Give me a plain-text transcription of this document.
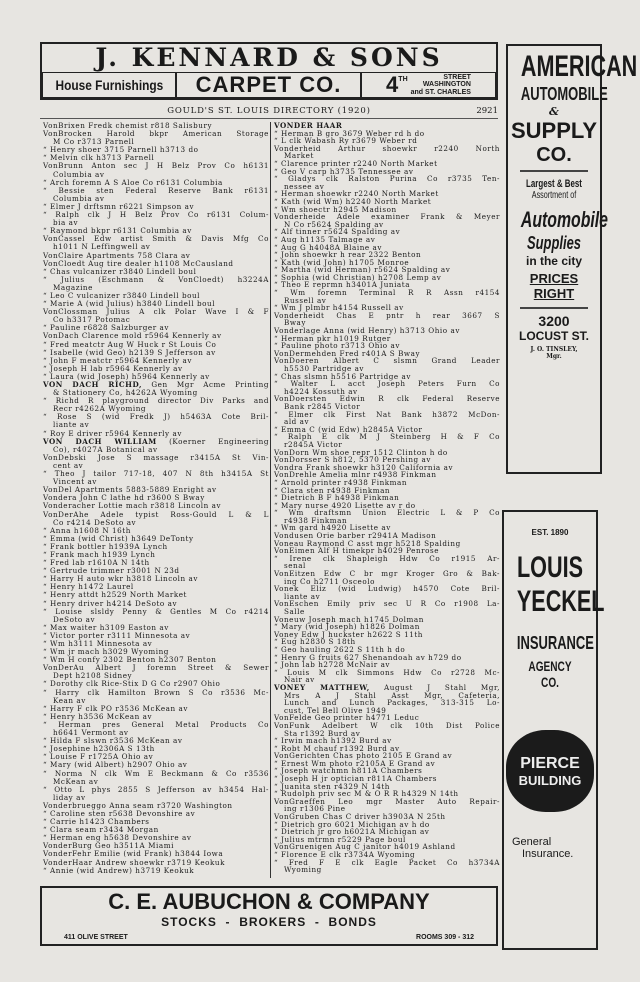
J. KENNARD & SONS
House Furnishings	CARPET CO.	4 TH	STREET
WASHINGTON
and ST. CHARLES
GOULD'S ST. LOUIS DIRECTORY (1920)	2921
VonBrixen Fredk chemist r818 Salisbury
VonBrocken Harold bkpr American Storage
M Co r3713 Parnell
“ Henry shoer 3715 Parnell h3713 do
“ Melvin clk h3713 Parnell
VonBrunn Anton sec J H Belz Prov Co h6131
Columbia av
“ Arch foremn A S Aloe Co r6131 Columbia
“ Bessie sten Federal Reserve Bank r6131
Columbia av
“ Elmer J drftsmn r6221 Simpson av
“ Ralph clk J H Belz Prov Co r6131 Colum-
bia av
“ Raymond bkpr r6131 Columbia av
VonCassel Edw artist Smith & Davis Mfg Co
h1011 N Leffingwell av
VonClaire Apartments 758 Clara av
VonCloedt Aug tire dealer h1108 McCausland
“ Chas vulcanizer r3840 Lindell boul
“ Julius (Eschmann & VonCloedt) h3224A
Magazine
“ Leo C vulcanizer r3840 Lindell boul
“ Marie A (wid Julius) h3840 Lindell boul
VonClossman Julius A clk Polar Wave I & F
Co h3317 Potomac
“ Pauline r6828 Salzburger av
VonDach Clarence mold r5964 Kennerly av
“ Fred meatctr Aug W Huck r St Louis Co
“ Isabelle (wid Geo) h2139 S Jefferson av
“ John F meatctr r5964 Kennerly av
“ Joseph H lab r5964 Kennerly av
“ Laura (wid Joseph) h5964 Kennerly av
VON DACH RICHD, Gen Mgr Acme Printing
& Stationery Co, h4262A Wyoming
“ Richd R playground director Div Parks and
Recr r4262A Wyoming
“ Rose S (wid Fredk J) h5463A Cote Bril-
liante av
“ Roy E driver r5964 Kennerly av
VON DACH WILLIAM (Koerner Engineering
Co), r4027A Botanical av
VonDebski Jose S massage r3415A St Vin-
cent av
“ Theo J tailor 717-18, 407 N 8th h3415A St
Vincent av
VonDel Apartments 5883-5889 Enright av
Vondera John C lathe hd r3600 S Bway
Vonderacher Lottie mach r3818 Lincoln av
VonDerAhe Adele typist Ross-Gould L & L
Co r4214 DeSoto av
“ Anna h1608 N 16th
“ Emma (wid Christ) h3649 DeTonty
“ Frank bottler h1939A Lynch
“ Frank mach h1939 Lynch
“ Fred lab r1610A N 14th
“ Gertrude trimmer r3001 N 23d
“ Harry H auto wkr h3818 Lincoln av
“ Henry h1472 Laurel
“ Henry attdt h2529 North Market
“ Henry driver h4214 DeSoto av
“ Louise slsldy Penny & Gentles M Co r4214
DeSoto av
“ Max waiter h3109 Easton av
“ Victor porter r3111 Minnesota av
“ Wm h3111 Minnesota av
“ Wm jr mach h3029 Wyoming
“ Wm H confy 2302 Benton h2307 Benton
VonDerAu Albert J foremn Street & Sewer
Dept h2108 Sidney
“ Dorothy clk Rice-Stix D G Co r2907 Ohio
“ Harry clk Hamilton Brown S Co r3536 Mc-
Kean av
“ Harry F clk PO r3536 McKean av
“ Henry h3536 McKean av
“ Herman pres General Metal Products Co
h6641 Vermont av
“ Hilda F slswn r3536 McKean av
“ Josephine h2306A S 13th
“ Louise F r1725A Ohio av
“ Mary (wid Albert) h2907 Ohio av
“ Norma N clk Wm E Beckmann & Co r3536
McKean av
“ Otto L phys 2855 S Jefferson av h3454 Hal-
liday av
Vonderbrueggo Anna seam r3720 Washington
“ Caroline sten r5638 Devonshire av
“ Carrie h1423 Chambers
“ Clara seam r3434 Morgan
“ Herman eng h5638 Devonshire av
VonderBurg Geo h3511A Miami
VonderFehr Emilie (wid Frank) h3844 Iowa
VonderHaar Andrew shoewkr r3719 Keokuk
“ Annie (wid Andrew) h3719 Keokuk
VONDER HAAR
“ Herman B gro 3679 Weber rd h do
“ L clk Wabash Ry r3679 Weber rd
Vonderheid Arthur shoewkr r2240 North
Market
“ Clarence printer r2240 North Market
“ Geo V carp h3735 Tennessee av
“ Gladys clk Ralston Purina Co r3735 Ten-
nessee av
“ Herman shoewkr r2240 North Market
“ Kath (wid Wm) h2240 North Market
“ Wm shoectr h2945 Madison
Vonderheide Adele examiner Frank & Meyer
N Co r5624 Spalding av
“ Alf tinner r5624 Spalding av
“ Aug h1135 Talmage av
“ Aug G h4048A Blaine av
“ John shoewkr h rear 2322 Benton
“ Kath (wid John) h1705 Monroe
“ Martha (wid Herman) r5624 Spalding av
“ Sophia (wid Christian) h2708 Lemp av
“ Theo E reprmn h3401A Juniata
“ Wm foremn Terminal R R Assn r4154
Russell av
“ Wm J plmbr h4154 Russell av
Vonderheidt Chas E pntr h rear 3667 S
Bway
Vonderlage Anna (wid Henry) h3713 Ohio av
“ Herman pkr h1019 Rutger
“ Pauline photo r3713 Ohio av
VonDermehden Fred r401A S Bway
VonDoeren Albert C slsmn Grand Leader
h5530 Partridge av
“ Chas slsmn h5516 Partridge av
“ Walter L acct Joseph Peters Furn Co
h4224 Kossuth av
VonDoersten Edwin R clk Federal Reserve
Bank r2845 Victor
“ Elmer clk First Nat Bank h3872 McDon-
ald av
“ Emma C (wid Edw) h2845A Victor
“ Ralph E clk M J Steinberg H & F Co
r2845A Victor
VonDorn Wm shoe repr 1512 Clinton h do
VonDorsser S h812, 5370 Pershing av
Vondra Frank shoewkr h3120 California av
VonDrehle Amelia mlnr r4938 Finkman
“ Arnold printer r4938 Finkman
“ Clara sten r4938 Finkman
“ Dietrich B F h4938 Finkman
“ Mary nurse 4920 Lisette av r do
“ Wm draftsmn Union Electric L & P Co
r4938 Finkman
“ Wm gard h4920 Lisette av
Vondusen Orie barber r2941A Madison
Voneau Raymond C asst mgr h5218 Spalding
VonEimen Alf H timekpr h4029 Penrose
“ Irene clk Shapleigh Hdw Co r1915 Ar-
senal
VonEitzen Edw C br mgr Kroger Gro & Bak-
ing Co h2711 Osceolo
Vonek Eliz (wid Ludwig) h4570 Cote Bril-
liante av
VonEschen Emily priv sec U R Co r1908 La-
Salle
Voneuw Joseph mach h1745 Dolman
“ Mary (wid Joseph) h1826 Dolman
Voney Edw J huckster h2622 S 11th
“ Eug h2830 S 18th
“ Geo hauling 2622 S 11th h do
“ Henry G fruits 627 Shenandoah av h729 do
“ John lab h2728 McNair av
“ Louis M clk Simmons Hdw Co r2728 Mc-
Nair av
VONEY MATTHEW, August J Stahl Mgr,
Mrs A J Stahl Asst Mgr, Cafeteria,
Lunch and Lunch Packages, 313-315 Lo-
cust, Tel Bell Olive 1949
VonFelde Geo printer h4771 Leduc
VonFunk Adelbert W clk 10th Dist Police
Sta r1392 Burd av
“ Irwin mach h1392 Burd av
“ Robt M chauf r1392 Burd av
VonGerichten Chas photo 2105 E Grand av
“ Ernest Wm photo r2105A E Grand av
“ Joseph watchmn h811A Chambers
“ Joseph H jr optician r811A Chambers
“ Juanita sten r4329 N 14th
“ Rudolph priv sec M & O R R h4329 N 14th
VonGraeffen Leo mgr Master Auto Repair-
ing r1306 Pine
VonGruben Chas C driver h3903A N 25th
“ Dietrich gro 6021 Michigan av h do
“ Dietrich jr gro h6021A Michigan av
“ Julius mtrmn r5229 Page boul
VonGruenigen Aug C janitor h4019 Ashland
“ Florence E clk r3734A Wyoming
“ Fred F E clk Eagle Packet Co h3734A
Wyoming
AMERICAN
AUTOMOBILE
&
SUPPLY
CO.
Largest & Best
Assortment of
Automobile
Supplies
in the city
PRICES
RIGHT
3200
LOCUST ST.
J. O. TINSLEY,
Mgr.
EST. 1890
LOUIS
YECKEL
INSURANCE
AGENCY
CO.
PIERCE
BUILDING
General
Insurance.
C. E. AUBUCHON & COMPANY
STOCKS  -  BROKERS  -  BONDS
411 OLIVE STREET	ROOMS 309 - 312
